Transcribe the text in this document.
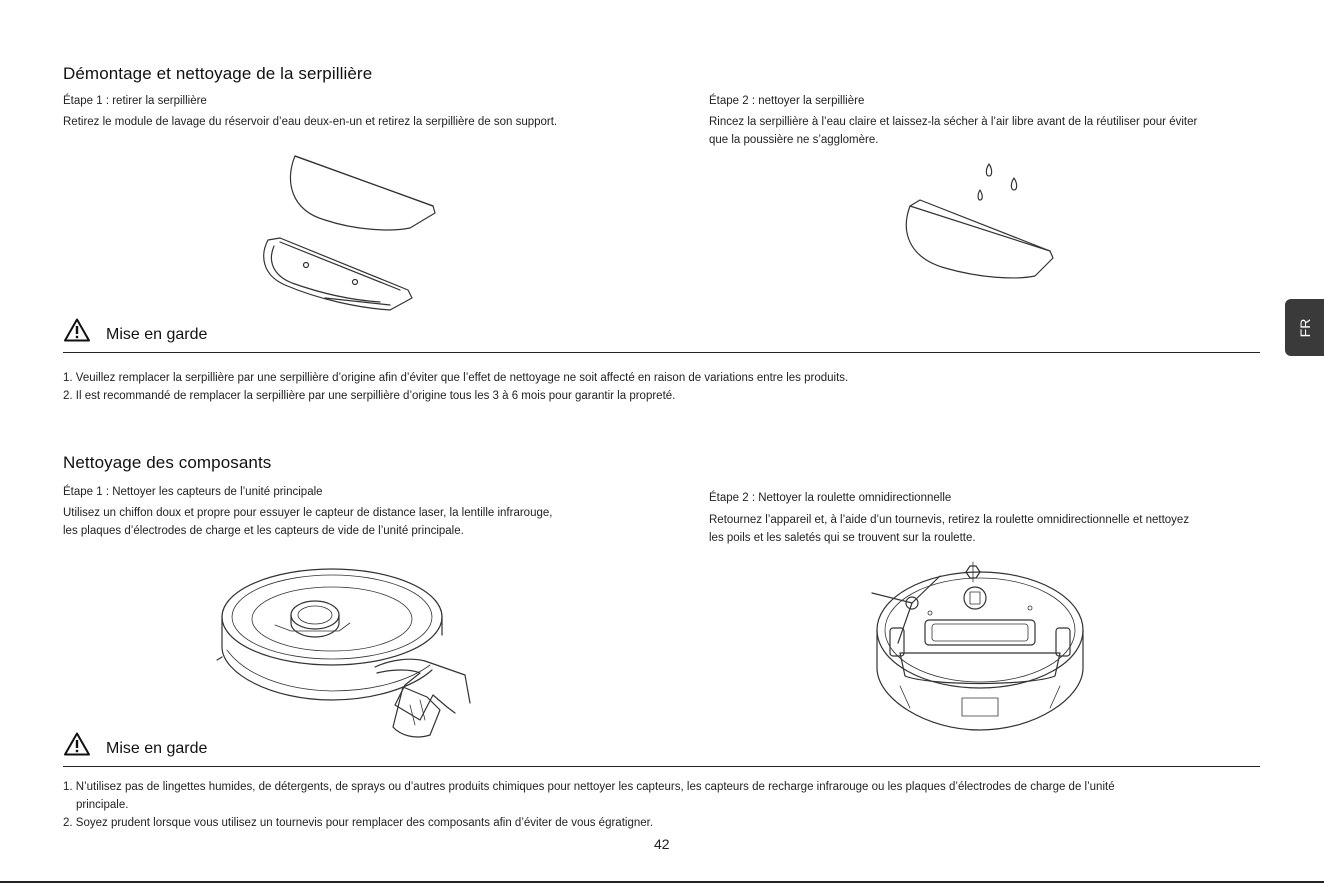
Démontage et nettoyage de la serpillière
Étape 1 : retirer la serpillière
Retirez le module de lavage du réservoir d’eau deux-en-un et retirez la serpillière de son support.
Étape 2 : nettoyer la serpillière
Rincez la serpillière à l’eau claire et laissez-la sécher à l’air libre avant de la réutiliser pour éviter
que la poussière ne s’agglomère.
Mise en garde
1. Veuillez remplacer la serpillière par une serpillière d’origine afin d’éviter que l’effet de nettoyage ne soit affecté en raison de variations entre les produits.
2. Il est recommandé de remplacer la serpillière par une serpillière d’origine tous les 3 à 6 mois pour garantir la propreté.
Nettoyage des composants
Étape 1 : Nettoyer les capteurs de l’unité principale
Utilisez un chiffon doux et propre pour essuyer le capteur de distance laser, la lentille infrarouge,
les plaques d’électrodes de charge et les capteurs de vide de l’unité principale.
Étape 2 : Nettoyer la roulette omnidirectionnelle
Retournez l’appareil et, à l’aide d’un tournevis, retirez la roulette omnidirectionnelle et nettoyez
les poils et les saletés qui se trouvent sur la roulette.
Mise en garde
1. N’utilisez pas de lingettes humides, de détergents, de sprays ou d’autres produits chimiques pour nettoyer les capteurs, les capteurs de recharge infrarouge ou les plaques d’électrodes de charge de l’unité
principale.
2. Soyez prudent lorsque vous utilisez un tournevis pour remplacer des composants afin d’éviter de vous égratigner.
42
FR
